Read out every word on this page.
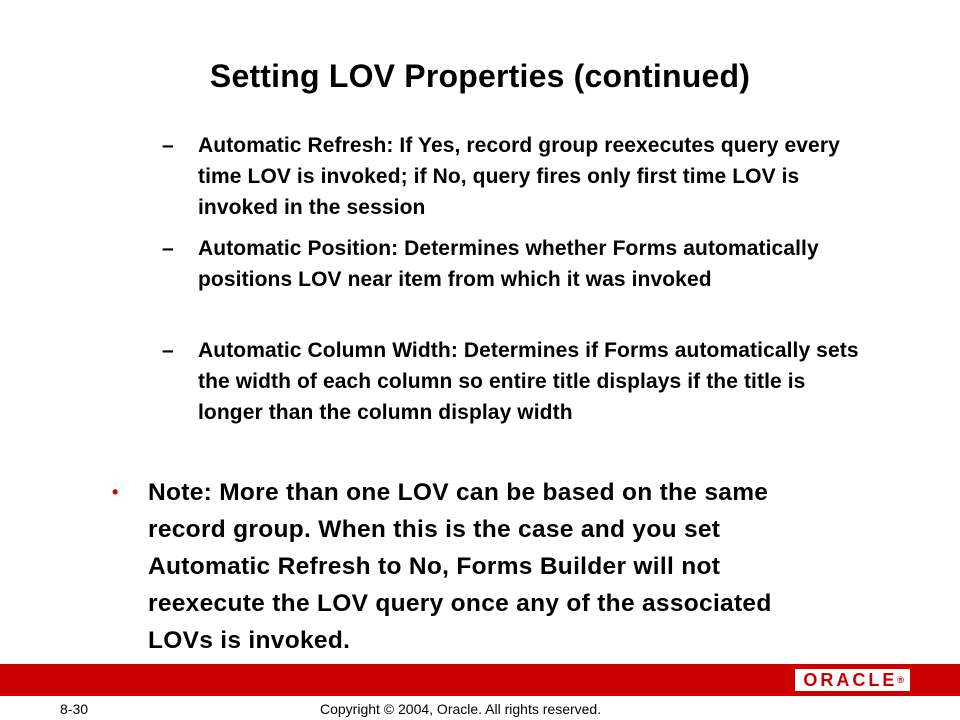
Setting LOV Properties (continued)
– Automatic Refresh: If Yes, record group reexecutes query every time LOV is invoked; if No, query fires only first time LOV is invoked in the session
– Automatic Position: Determines whether Forms automatically positions LOV near item from which it was invoked
– Automatic Column Width: Determines if Forms automatically sets the width of each column so entire title displays if the title is longer than the column display width
• Note: More than one LOV can be based on the same record group. When this is the case and you set Automatic Refresh to No, Forms Builder will not reexecute the LOV query once any of the associated LOVs is invoked.
ORACLE®
8-30	Copyright © 2004, Oracle. All rights reserved.
